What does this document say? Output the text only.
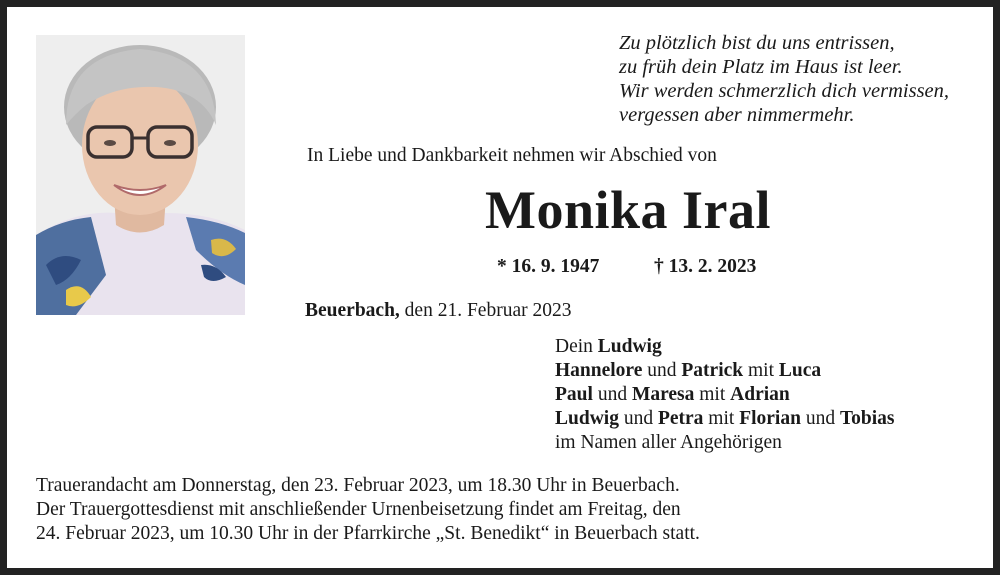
Zu plötzlich bist du uns entrissen,
zu früh dein Platz im Haus ist leer.
Wir werden schmerzlich dich vermissen,
vergessen aber nimmermehr.
In Liebe und Dankbarkeit nehmen wir Abschied von
Monika Iral
* 16. 9. 1947	† 13. 2. 2023
Beuerbach, den 21. Februar 2023
Dein Ludwig
Hannelore und Patrick mit Luca
Paul und Maresa mit Adrian
Ludwig und Petra mit Florian und Tobias
im Namen aller Angehörigen
Trauerandacht am Donnerstag, den 23. Februar 2023, um 18.30 Uhr in Beuerbach.
Der Trauergottesdienst mit anschließender Urnenbeisetzung findet am Freitag, den
24. Februar 2023, um 10.30 Uhr in der Pfarrkirche „St. Benedikt“ in Beuerbach statt.
